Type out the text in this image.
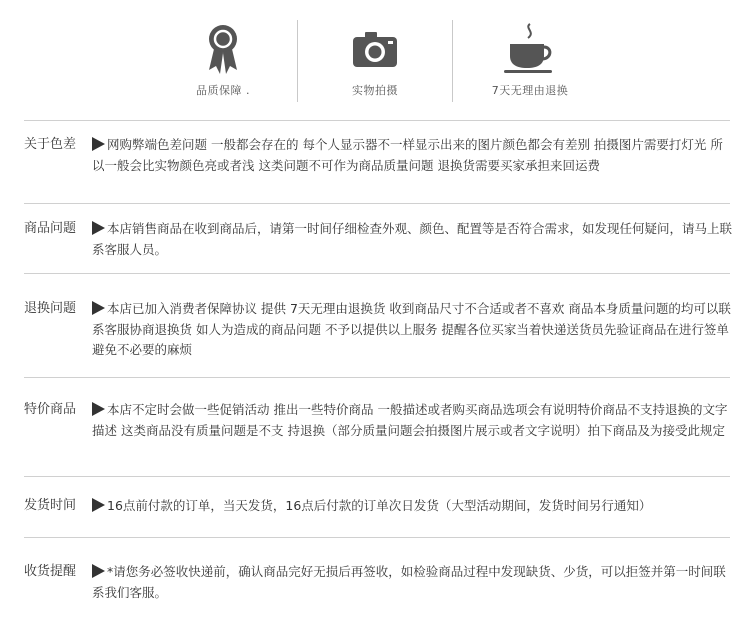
品质保障 .	实物拍摄	7天无理由退换
关于色差	网购弊端色差问题 一般都会存在的 每个人显示器不一样显示出来的图片颜色都会有差别 拍摄图片需要打灯光 所以一般会比实物颜色亮或者浅 这类问题不可作为商品质量问题 退换货需要买家承担来回运费
商品问题	本店销售商品在收到商品后，请第一时间仔细检查外观、颜色、配置等是否符合需求，如发现任何疑问，请马上联系客服人员。
退换问题	本店已加入消费者保障协议 提供 7天无理由退换货 收到商品尺寸不合适或者不喜欢 商品本身质量问题的均可以联系客服协商退换货 如人为造成的商品问题 不予以提供以上服务 提醒各位买家当着快递送货员先验证商品在进行签单 避免不必要的麻烦
特价商品	本店不定时会做一些促销活动 推出一些特价商品 一般描述或者购买商品选项会有说明特价商品不支持退换的文字描述 这类商品没有质量问题是不支 持退换（部分质量问题会拍摄图片展示或者文字说明）拍下商品及为接受此规定
发货时间	16点前付款的订单，当天发货，16点后付款的订单次日发货（大型活动期间，发货时间另行通知）
收货提醒	*请您务必签收快递前，确认商品完好无损后再签收，如检验商品过程中发现缺货、少货，可以拒签并第一时间联系我们客服。
